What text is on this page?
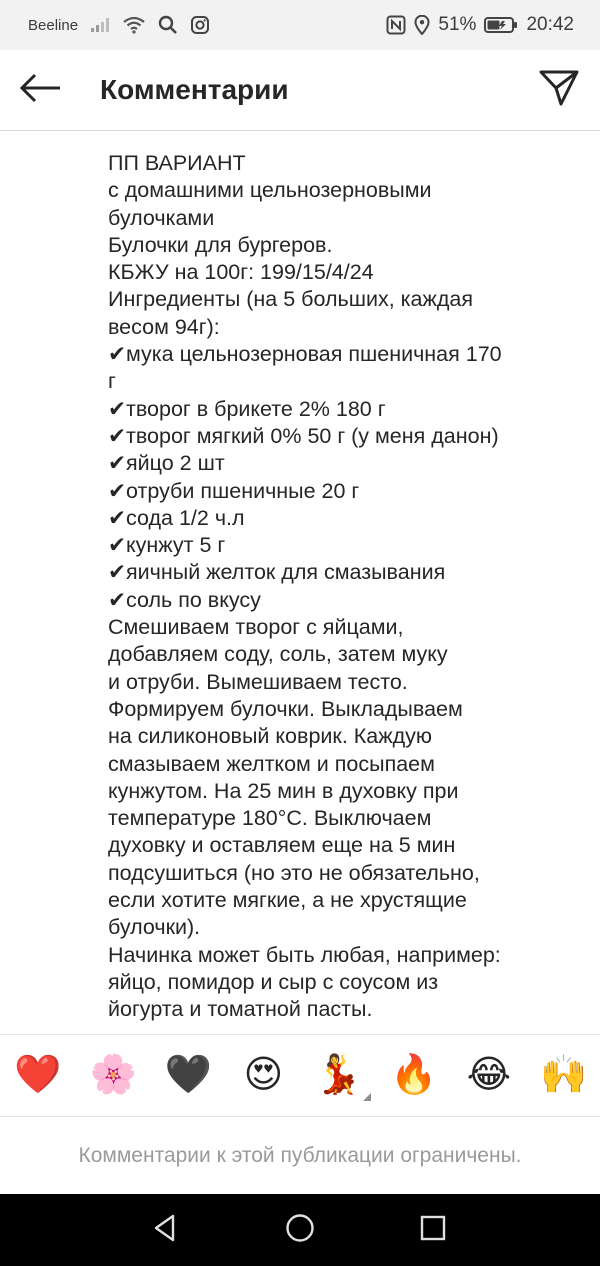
Beeline	51%	20:42
Комментарии
ПП ВАРИАНТ
с домашними цельнозерновыми
булочками
Булочки для бургеров.
КБЖУ на 100г: 199/15/4/24
Ингредиенты (на 5 больших, каждая
весом 94г):
✔мука цельнозерновая пшеничная 170
г
✔творог в брикете 2% 180 г
✔творог мягкий 0% 50 г (у меня данон)
✔яйцо 2 шт
✔отруби пшеничные 20 г
✔сода 1/2 ч.л
✔кунжут 5 г
✔яичный желток для смазывания
✔соль по вкусу
Смешиваем творог с яйцами,
добавляем соду, соль, затем муку
и отруби. Вымешиваем тесто.
Формируем булочки. Выкладываем
на силиконовый коврик. Каждую
смазываем желтком и посыпаем
кунжутом. На 25 мин в духовку при
температуре 180°С. Выключаем
духовку и оставляем еще на 5 мин
подсушиться (но это не обязательно,
если хотите мягкие, а не хрустящие
булочки).
Начинка может быть любая, например:
яйцо, помидор и сыр с соусом из
йогурта и томатной пасты.
❤️ 🌸 🖤 😍 💃 🔥 😂 🙌
Комментарии к этой публикации ограничены.
